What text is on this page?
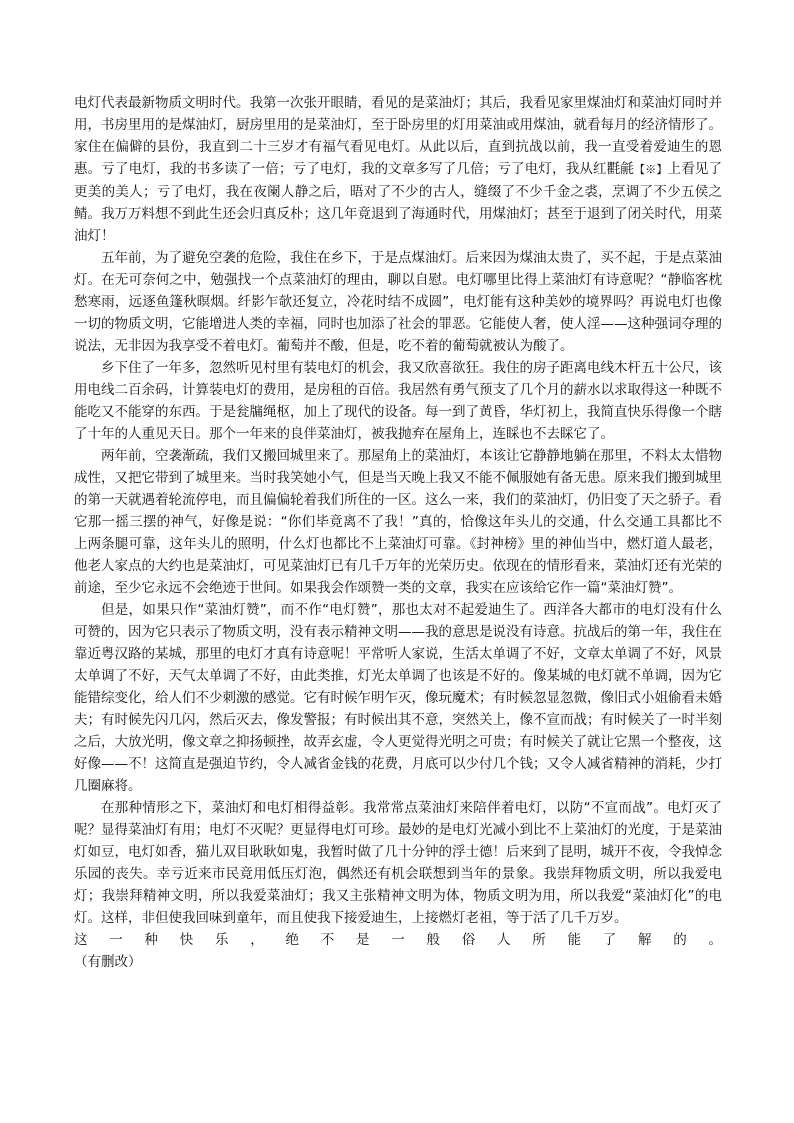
电灯代表最新物质文明时代。我第一次张开眼睛，看见的是菜油灯；其后，我看见家里煤油灯和菜油灯同时并用，书房里用的是煤油灯，厨房里用的是菜油灯，至于卧房里的灯用菜油或用煤油，就看每月的经济情形了。家住在偏僻的县份，我直到二十三岁才有福气看见电灯。从此以后，直到抗战以前，我一直受着爱迪生的恩惠。亏了电灯，我的书多读了一倍；亏了电灯，我的文章多写了几倍；亏了电灯，我从红氍毹【※】上看见了更美的美人；亏了电灯，我在夜阑人静之后，晤对了不少的古人，缝缀了不少千金之裘，烹调了不少五侯之鲭。我万万料想不到此生还会归真反朴；这几年竟退到了海通时代，用煤油灯；甚至于退到了闭关时代，用菜油灯！

五年前，为了避免空袭的危险，我住在乡下，于是点煤油灯。后来因为煤油太贵了，买不起，于是点菜油灯。在无可奈何之中，勉强找一个点菜油灯的理由，聊以自慰。电灯哪里比得上菜油灯有诗意呢？“静临客枕愁寒雨，远逐鱼篷秋暝烟。纤影乍欹还复立，冷花时结不成圆”，电灯能有这种美妙的境界吗？再说电灯也像一切的物质文明，它能增进人类的幸福，同时也加添了社会的罪恶。它能使人奢，使人淫——这种强词夺理的说法，无非因为我享受不着电灯。葡萄并不酸，但是，吃不着的葡萄就被认为酸了。

乡下住了一年多，忽然听见村里有装电灯的机会，我又欣喜欲狂。我住的房子距离电线木杆五十公尺，该用电线二百余码，计算装电灯的费用，是房租的百倍。我居然有勇气预支了几个月的薪水以求取得这一种既不能吃又不能穿的东西。于是瓮牖绳枢，加上了现代的设备。每一到了黄昏，华灯初上，我简直快乐得像一个瞎了十年的人重见天日。那个一年来的良伴菜油灯，被我抛弃在屋角上，连睬也不去睬它了。

两年前，空袭渐疏，我们又搬回城里来了。那屋角上的菜油灯，本该让它静静地躺在那里，不料太太惜物成性，又把它带到了城里来。当时我笑她小气，但是当天晚上我又不能不佩服她有备无患。原来我们搬到城里的第一天就遇着轮流停电，而且偏偏轮着我们所住的一区。这么一来，我们的菜油灯，仍旧变了天之骄子。看它那一摇三摆的神气，好像是说：“你们毕竟离不了我！”真的，恰像这年头儿的交通，什么交通工具都比不上两条腿可靠，这年头儿的照明，什么灯也都比不上菜油灯可靠。《封神榜》里的神仙当中，燃灯道人最老，他老人家点的大约也是菜油灯，可见菜油灯已有几千万年的光荣历史。依现在的情形看来，菜油灯还有光荣的前途，至少它永远不会绝迹于世间。如果我会作颂赞一类的文章，我实在应该给它作一篇“菜油灯赞”。

但是，如果只作“菜油灯赞”，而不作“电灯赞”，那也太对不起爱迪生了。西洋各大都市的电灯没有什么可赞的，因为它只表示了物质文明，没有表示精神文明——我的意思是说没有诗意。抗战后的第一年，我住在靠近粤汉路的某城，那里的电灯才真有诗意呢！平常听人家说，生活太单调了不好，文章太单调了不好，风景太单调了不好，天气太单调了不好，由此类推，灯光太单调了也该是不好的。像某城的电灯就不单调，因为它能错综变化，给人们不少刺激的感觉。它有时候乍明乍灭，像玩魔术；有时候忽显忽微，像旧式小姐偷看未婚夫；有时候先闪几闪，然后灭去，像发警报；有时候出其不意，突然关上，像不宣而战；有时候关了一时半刻之后，大放光明，像文章之抑扬顿挫，故弄玄虚，令人更觉得光明之可贵；有时候关了就让它黑一个整夜，这好像——不！这简直是强迫节约，令人减省金钱的花费，月底可以少付几个钱；又令人减省精神的消耗，少打几圈麻将。

在那种情形之下，菜油灯和电灯相得益彰。我常常点菜油灯来陪伴着电灯，以防“不宣而战”。电灯灭了呢？显得菜油灯有用；电灯不灭呢？更显得电灯可珍。最妙的是电灯光减小到比不上菜油灯的光度，于是菜油灯如豆，电灯如香，猫儿双目耿耿如鬼，我暂时做了几十分钟的浮士德！后来到了昆明，城开不夜，令我悼念乐园的丧失。幸亏近来市民竟用低压灯泡，偶然还有机会联想到当年的景象。我崇拜物质文明，所以我爱电灯；我崇拜精神文明，所以我爱菜油灯；我又主张精神文明为体，物质文明为用，所以我爱“菜油灯化”的电灯。这样，非但使我回味到童年，而且使我下接爱迪生，上接燃灯老祖，等于活了几千万岁。

这 一 种 快 乐 ， 绝 不 是 一 般 俗 人 所 能 了 解 的 。

（有删改）
